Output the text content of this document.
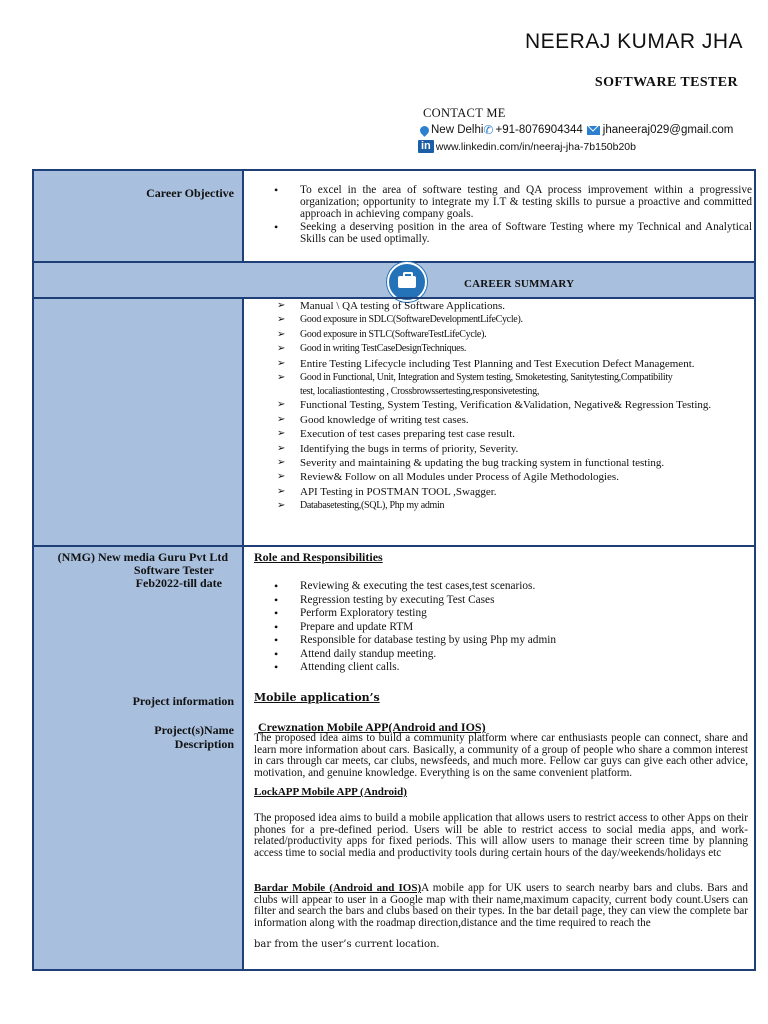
NEERAJ KUMAR JHA
SOFTWARE TESTER
CONTACT ME
New Delhi ✆ +91-8076904344 jhaneeraj029@gmail.com
in www.linkedin.com/in/neeraj-jha-7b150b20b
Career Objective
•	To excel in the area of software testing and QA process improvement within a progressive organization; opportunity to integrate my I.T & testing skills to pursue a proactive and committed approach in achieving company goals.
• Seeking a deserving position in the area of Software Testing where my Technical and Analytical Skills can be used optimally.
CAREER SUMMARY
➢ Manual \ QA testing of Software Applications.
➢ Good exposure in SDLC(SoftwareDevelopmentLifeCycle).
➢ Good exposure in STLC(SoftwareTestLifeCycle).
➢ Good in writing TestCaseDesignTechniques.
➢ Entire Testing Lifecycle including Test Planning and Test Execution Defect Management.
➢ Good in Functional, Unit, Integration and System testing, Smoketesting, Sanitytesting,Compatibility
test, localiastiontesting , Crossbrowssertesting,responsivetesting,
➢ Functional Testing, System Testing, Verification &Validation, Negative& Regression Testing.
➢ Good knowledge of writing test cases.
➢ Execution of test cases preparing test case result.
➢ Identifying the bugs in terms of priority, Severity.
➢ Severity and maintaining & updating the bug tracking system in functional testing.
➢ Review& Follow on all Modules under Process of Agile Methodologies.
➢ API Testing in POSTMAN TOOL ,Swagger.
➢ Databasetesting,(SQL), Php my admin
(NMG) New media Guru Pvt Ltd
Software Tester
Feb2022-till date
Project information
Project(s)Name
Description
Role and Responsibilities
• Reviewing & executing the test cases,test scenarios.
• Regression testing by executing Test Cases
• Perform Exploratory testing
• Prepare and update RTM
• Responsible for database testing by using Php my admin
• Attend daily standup meeting.
• Attending client calls.
Mobile application’s
Crewznation Mobile APP(Android and IOS)

The proposed idea aims to build a community platform where car enthusiasts people can connect, share and learn more information about cars. Basically, a community of a group of people who share a common interest in cars through car meets, car clubs, newsfeeds, and much more. Fellow car guys can give each other advice, motivation, and genuine knowledge. Everything is on the same convenient platform.

LockAPP Mobile APP (Android)

The proposed idea aims to build a mobile application that allows users to restrict access to other Apps on their phones for a pre-defined period. Users will be able to restrict access to social media apps, and work-related/productivity apps for fixed periods. This will allow users to manage their screen time by planning access time to social media and productivity tools during certain hours of the day/weekends/holidays etc

Bardar Mobile (Android and IOS)A mobile app for UK users to search nearby bars and clubs. Bars and clubs will appear to user in a Google map with their name,maximum capacity, current body count.Users can filter and search the bars and clubs based on their types. In the bar detail page, they can view the complete bar information along with the roadmap direction,distance and the time required to reach the

bar from the user’s current location.
